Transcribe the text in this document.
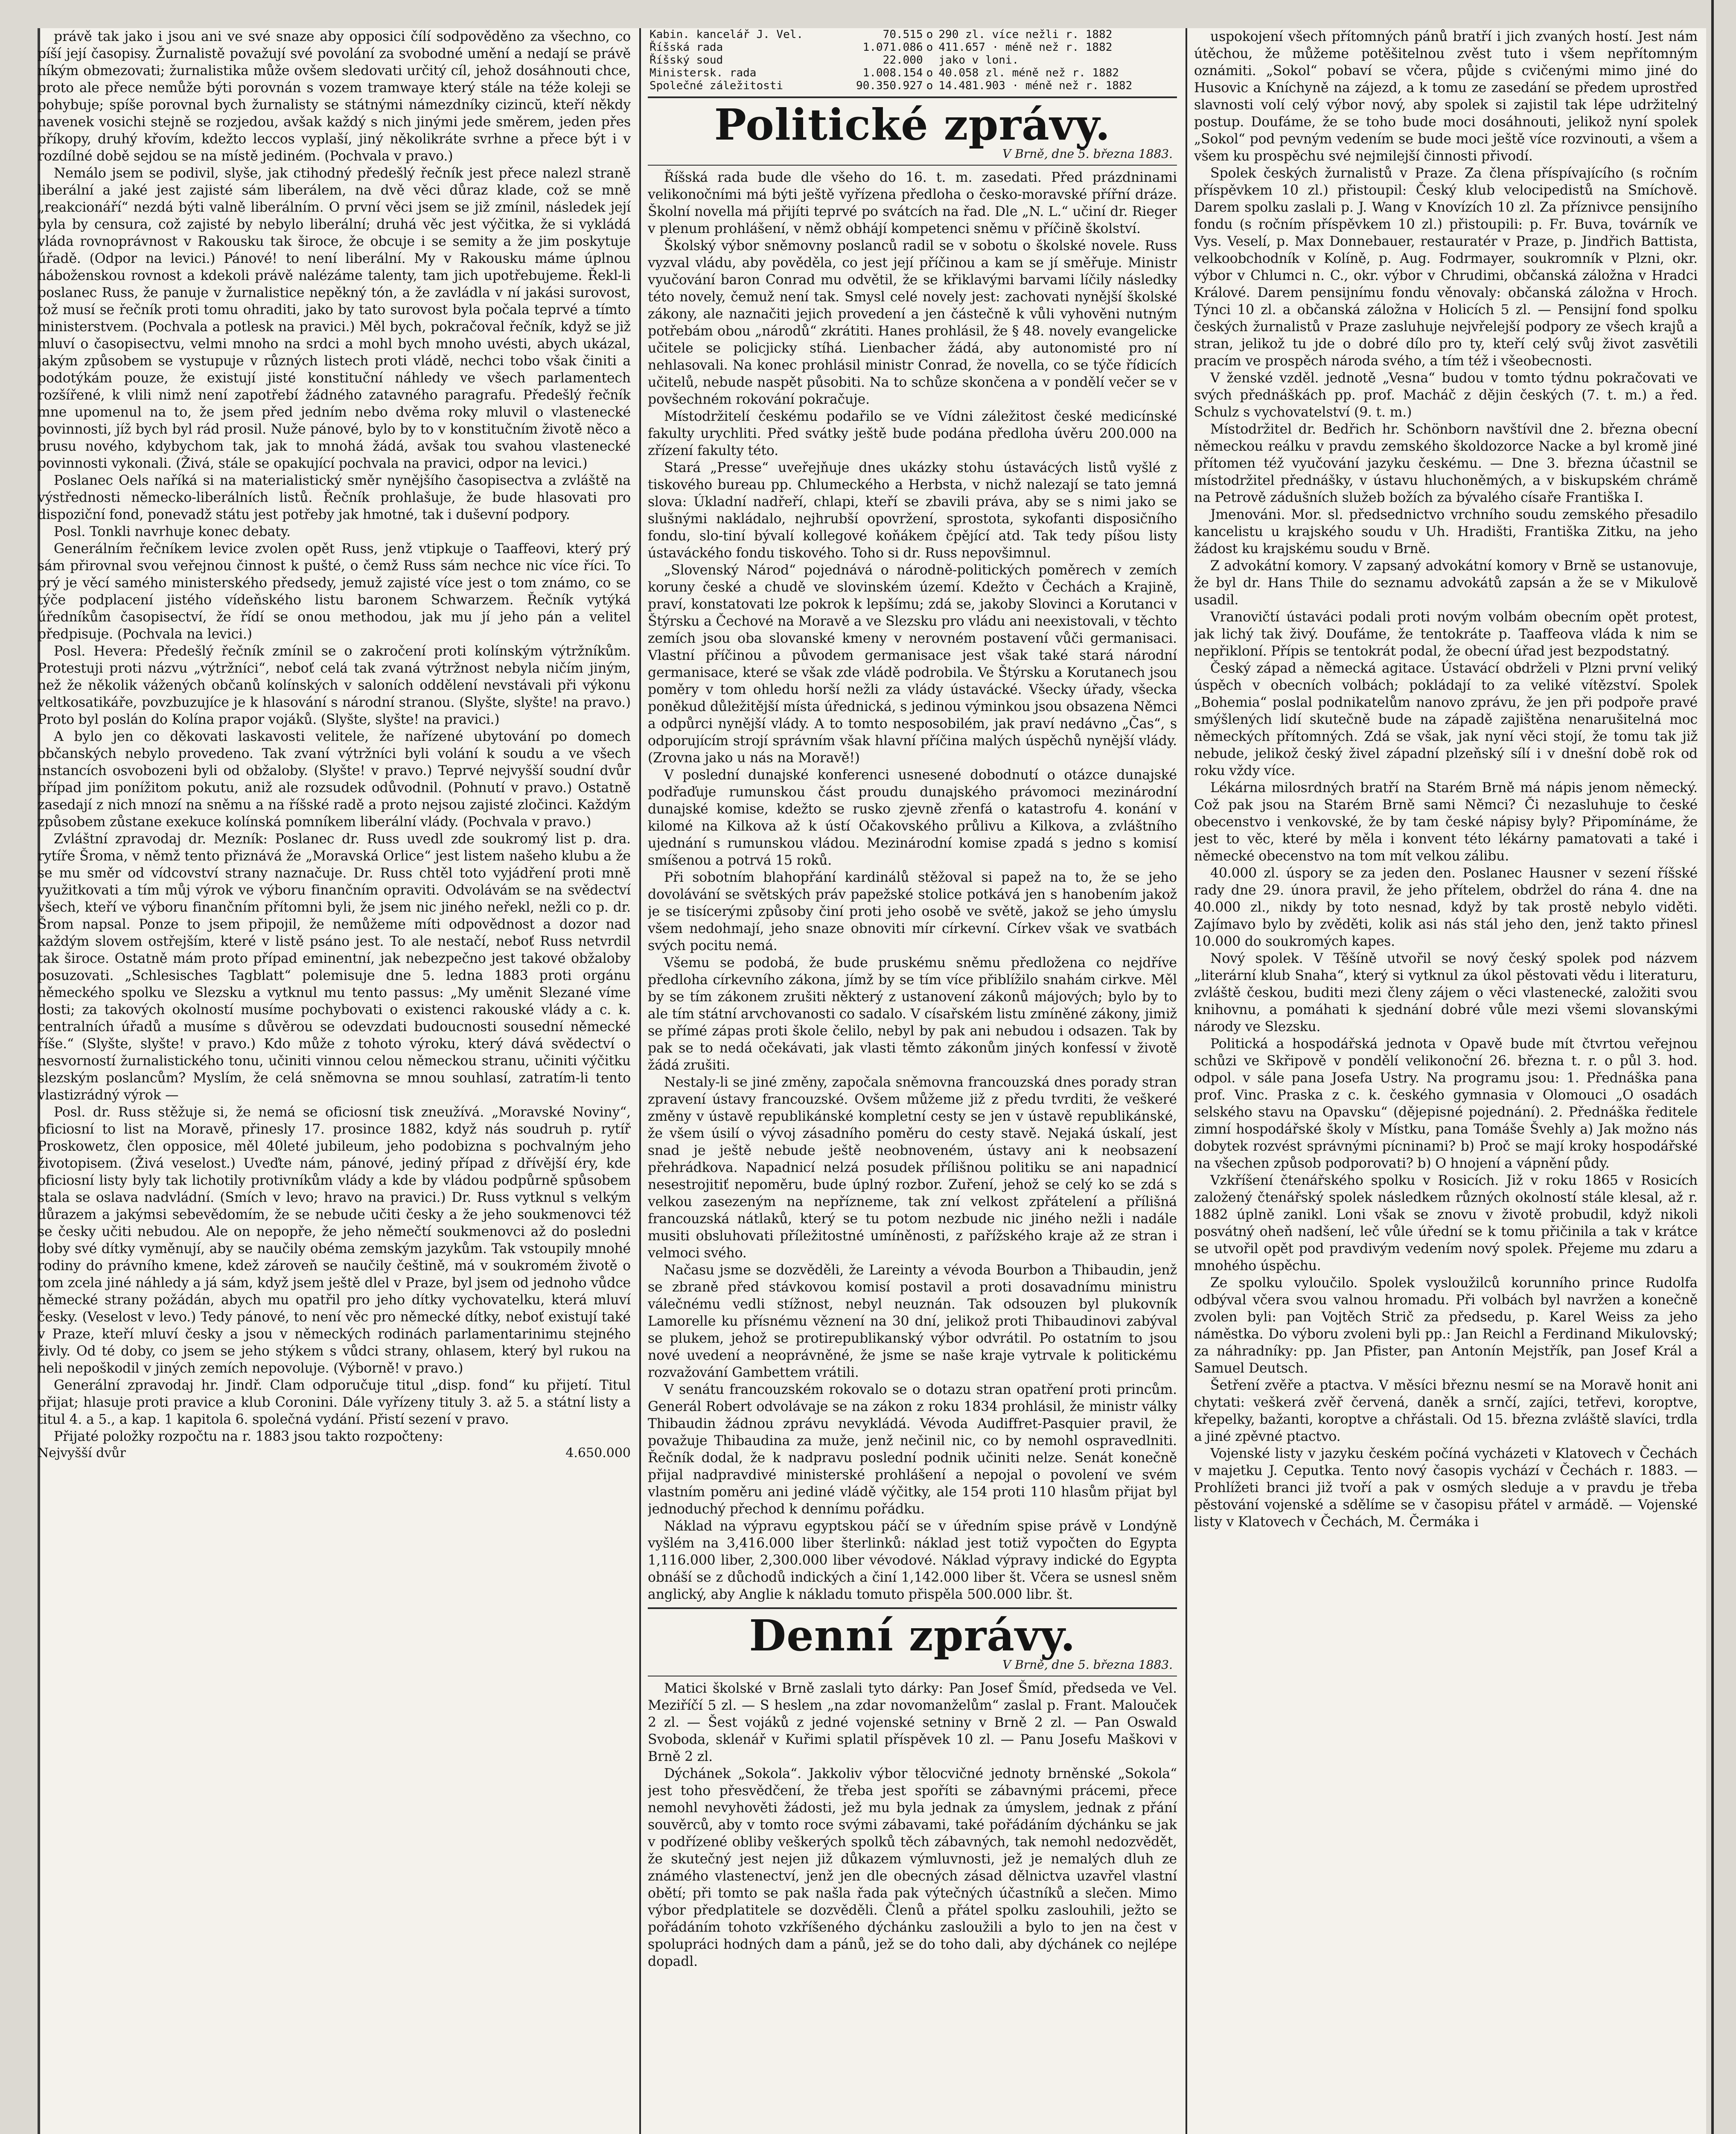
právě tak jako i jsou ani ve své snaze aby opposici čílí sodpověděno za všechno, co píší její časopisy. Žurnalistě považují své povolání za svobodné umění a nedají se právě níkým obmezovati; žurnalistika může ovšem sledovati určitý cíl, jehož dosáhnouti chce, proto ale přece nemůže býti porovnán s vozem tramwaye který stále na téže koleji se pohybuje; spíše porovnal bych žurnalisty se státnými námezdníky cizincŭ, kteří někdy navenek vosichi stejně se rozjedou, avšak každý s nich jinými jede směrem, jeden přes příkopy, druhý křovím, kdežto leccos vyplaší, jiný několikráte svrhne a přece být i v rozdílné době sejdou se na místě jediném. (Pochvala v pravo.)

Nemálo jsem se podivil, slyše, jak ctihodný předešlý řečník jest přece nalezl straně liberální a jaké jest zajisté sám liberálem, na dvě věci důraz klade, což se mně „reakcionáří“ nezdá býti valně liberálním. O první věci jsem se již zmínil, následek její byla by censura, což zajisté by nebylo liberální; druhá věc jest výčitka, že si vykládá vláda rovnoprávnost v Rakousku tak široce, že obcuje i se semity a že jim poskytuje úřadě. (Odpor na levici.) Pánové! to není liberální. My v Rakousku máme úplnou náboženskou rovnost a kdekoli právě nalézáme talenty, tam jich upotřebujeme. Řekl-li poslanec Russ, že panuje v žurnalistice nepěkný tón, a že zavládla v ní jakási surovost, tož musí se řečník proti tomu ohraditi, jako by tato surovost byla počala teprvé a tímto ministerstvem. (Pochvala a potlesk na pravici.) Měl bych, pokračoval řečník, když se již mluví o časopisectvu, velmi mnoho na srdci a mohl bych mnoho uvésti, abych ukázal, jakým způsobem se vystupuje v různých listech proti vládě, nechci tobo však činiti a podotýkám pouze, že existují jisté konstituční náhledy ve všech parlamentech rozšířené, k vlili nimž není zapotřebí žádného zatavného paragrafu. Předešlý řečník mne upomenul na to, že jsem před jedním nebo dvěma roky mluvil o vlastenecké povinnosti, jíž bych byl rád prosil. Nuže pánové, bylo by to v konstitučním životě něco a brusu nového, kdybychom tak, jak to mnohá žádá, avšak tou svahou vlastenecké povinnosti vykonali. (Živá, stále se opakující pochvala na pravici, odpor na levici.)

Poslanec Oels naříká si na materialistický směr nynějšího časopisectva a zvláště na výstřednosti německo-liberálních listů. Řečník prohlašuje, že bude hlasovati pro dispoziční fond, ponevadž státu jest potřeby jak hmotné, tak i duševní podpory.

Posl. Tonkli navrhuje konec debaty.

Generálním řečníkem levice zvolen opět Russ, jenž vtipkuje o Taaffeovi, který prý sám přirovnal svou veřejnou činnost k pušté, o čemž Russ sám nechce nic více říci. To prý je věcí samého ministerského předsedy, jemuž zajisté více jest o tom známo, co se týče podplacení jistého vídeňského listu baronem Schwarzem. Řečník vytýká úředníkům časopisectví, že řídí se onou methodou, jak mu jí jeho pán a velitel předpisuje. (Pochvala na levici.)

Posl. Hevera: Předešlý řečník zmínil se o zakročení proti kolínským výtržníkům. Protestuji proti názvu „výtržníci“, neboť celá tak zvaná výtržnost nebyla ničím jiným, než že několik vážených občanů kolínských v saloních oddělení nevstávali při výkonu veltkosatikáře, povzbuzujíce je k hlasování s národní stranou. (Slyšte, slyšte! na pravo.) Proto byl poslán do Kolína prapor vojáků. (Slyšte, slyšte! na pravici.)

A bylo jen co děkovati laskavosti velitele, že nařízené ubytování po domech občanských nebylo provedeno. Tak zvaní výtržníci byli volání k soudu a ve všech instancích osvobozeni byli od obžaloby. (Slyšte! v pravo.) Teprvé nejvyšší soudní dvůr případ jim ponížitom pokutu, aniž ale rozsudek odůvodnil. (Pohnutí v pravo.) Ostatně zasedají z nich mnozí na sněmu a na říšské radě a proto nejsou zajisté zločinci. Každým způsobem zůstane exekuce kolínská pomníkem liberální vlády. (Pochvala v pravo.)

Zvláštní zpravodaj dr. Mezník: Poslanec dr. Russ uvedl zde soukromý list p. dra. rytíře Šroma, v němž tento přiznává že „Moravská Orlice“ jest listem našeho klubu a že se mu směr od vídcovství strany naznačuje. Dr. Russ chtěl toto vyjádření proti mně využitkovati a tím můj výrok ve výboru finančním opraviti. Odvolávám se na svědectví všech, kteří ve výboru finančním přítomni byli, že jsem nic jiného neřekl, nežli co p. dr. Šrom napsal. Ponze to jsem připojil, že nemůžeme míti odpovědnost a dozor nad každým slovem ostřejším, které v listě psáno jest. To ale nestačí, neboť Russ netvrdil tak široce. Ostatně mám proto případ eminentní, jak nebezpečno jest takové obžaloby posuzovati. „Schlesisches Tagblatt“ polemisuje dne 5. ledna 1883 proti orgánu německého spolku ve Slezsku a vytknul mu tento passus: „My uměnit Slezané víme dosti; za takových okolností musíme pochybovati o existenci rakouské vlády a c. k. centralních úřadů a musíme s důvěrou se odevzdati budoucnosti sousední německé říše.“ (Slyšte, slyšte! v pravo.) Kdo může z tohoto výroku, který dává svědectví o nesvorností žurnalistického tonu, učiniti vinnou celou německou stranu, učiniti výčitku slezským poslancům? Myslím, že celá sněmovna se mnou souhlasí, zatratím-li tento vlastizrádný výrok —

Posl. dr. Russ stěžuje si, že nemá se oficiosní tisk zneužívá. „Moravské Noviny“, oficiosní to list na Moravě, přinesly 17. prosince 1882, když nás soudruh p. rytíř Proskowetz, člen opposice, měl 40leté jubileum, jeho podobizna s pochvalným jeho životopisem. (Živá veselost.) Uveďte nám, pánové, jediný případ z dřívější éry, kde oficiosní listy byly tak lichotily protivníkům vlády a kde by vládou podpůrně spůsobem stala se oslava nadvládní. (Smích v levo; hravo na pravici.) Dr. Russ vytknul s velkým důrazem a jakýmsi sebevědomím, že se nebude učiti česky a že jeho soukmenovci též se česky učiti nebudou. Ale on nepopře, že jeho němečtí soukmenovci až do posledni doby své dítky vyměnují, aby se naučily obéma zemským jazykům. Tak vstoupily mnohé rodiny do právního kmene, kdež zároveň se naučily češtině, má v soukromém životě o tom zcela jiné náhledy a já sám, když jsem ještě dlel v Praze, byl jsem od jednoho vůdce německé strany požádán, abych mu opatřil pro jeho dítky vychovatelku, která mluví česky. (Veselost v levo.) Tedy pánové, to není věc pro německé dítky, neboť existují také v Praze, kteří mluví česky a jsou v německých rodinách parlamentarinimu stejného živly. Od té doby, co jsem se jeho stýkem s vůdci strany, ohlasem, který byl rukou na neli nepoškodil v jiných zemích nepovoluje. (Výborně! v pravo.)

Generální zpravodaj hr. Jindř. Clam odporučuje titul „disp. fond“ ku přijetí. Titul přijat; hlasuje proti pravice a klub Coronini. Dále vyřízeny tituly 3. až 5. a státní listy a titul 4. a 5., a kap. 1 kapitola 6. společná vydání. Přistí sezení v pravo.

Přijaté položky rozpočtu na r. 1883 jsou takto rozpočteny:

Nejvyšší dvůr	4.650.000
Kabin. kancelář J. Vel.	70.515	o	290 zl. více nežli r. 1882
Říšská rada	1.071.086	o	411.657 · méně než r. 1882
Říšský soud	22.000		jako v loni.
Ministersk. rada	1.008.154	o	40.058 zl. méně než r. 1882
Společné záležitosti	90.350.927	o	14.481.903 · méně než r. 1882
Politické zprávy.
V Brně, dne 5. března 1883.

Říšská rada bude dle všeho do 16. t. m. zasedati. Před prázdninami velikonočními má býti ještě vyřízena předloha o česko-moravské přířní dráze. Školní novella má přijíti teprvé po svátcích na řad. Dle „N. L.“ učiní dr. Rieger v plenum prohlášení, v němž obhájí kompetenci sněmu v příčině školství.

Školský výbor sněmovny poslanců radil se v sobotu o školské novele. Russ vyzval vládu, aby pověděla, co jest její příčinou a kam se jí směřuje. Ministr vyučování baron Conrad mu odvětil, že se křiklavými barvami líčily následky této novely, čemuž není tak. Smysl celé novely jest: zachovati nynější školské zákony, ale naznačiti jejich provedení a jen částečně k vůli vyhověni nutným potřebám obou „národů“ zkrátiti. Hanes prohlásil, že § 48. novely evangelicke učitele se policjicky stíhá. Lienbacher žádá, aby autonomisté pro ní nehlasovali. Na konec prohlásil ministr Conrad, že novella, co se týče řídicích učitelů, nebude naspět působiti. Na to schůze skončena a v pondělí večer se v povšechném rokování pokračuje.

Místodržitelí českému podařilo se ve Vídni záležitost české medicínské fakulty urychliti. Před svátky ještě bude podána předloha úvěru 200.000 na zřízení fakulty této.

Stará „Presse“ uveřejňuje dnes ukázky stohu ústavácých listů vyšlé z tiskového bureau pp. Chlumeckého a Herbsta, v nichž nalezají se tato jemná slova: Úkladní nadřeří, chlapi, kteří se zbavili práva, aby se s nimi jako se slušnými nakládalo, nejhrubší opovržení, sprostota, sykofanti disposičního fondu, slo-tiní bývalí kollegové koňákem čpějící atd. Tak tedy píšou listy ústaváckého fondu tiskového. Toho si dr. Russ nepovšimnul.

„Slovenský Národ“ pojednává o národně-politických poměrech v zemích koruny české a chudě ve slovinském území. Kdežto v Čechách a Krajině, praví, konstatovati lze pokrok k lepšímu; zdá se, jakoby Slovinci a Korutanci v Štýrsku a Čechové na Moravě a ve Slezsku pro vládu ani neexistovali, v těchto zemích jsou oba slovanské kmeny v nerovném postavení vůči germanisaci. Vlastní příčinou a původem germanisace jest však také stará národní germanisace, které se však zde vládě podrobila. Ve Štýrsku a Korutanech jsou poměry v tom ohledu horší nežli za vlády ústavácké. Všecky úřady, všecka poněkud důležitější místa úřednická, s jedinou výminkou jsou obsazena Němci a odpůrci nynější vlády. A to tomto nesposobilém, jak praví nedávno „Čas“, s odporujícím strojí správním však hlavní příčina malých úspěchů nynější vlády. (Zrovna jako u nás na Moravě!)

V poslední dunajské konferenci usnesené dobodnutí o otázce dunajské podřaďuje rumunskou část proudu dunajského právomoci mezinárodní dunajské komise, kdežto se rusko zjevně zřenfá o katastrofu 4. konání v kilomé na Kilkova až k ústí Očakovského průlivu a Kilkova, a zvláštního ujednání s rumunskou vládou. Mezinárodní komise zpadá s jedno s komisí smíšenou a potrvá 15 roků.

Při sobotním blahopřání kardinálů stěžoval si papež na to, že se jeho dovolávání se světských práv papežské stolice potkává jen s hanobením jakož je se tisícerými způsoby činí proti jeho osobě ve světě, jakož se jeho úmyslu všem nedohmají, jeho snaze obnoviti mír církevní. Církev však ve svatbách svých pocitu nemá.

Všemu se podobá, že bude pruskému sněmu předložena co nejdříve předloha církevního zákona, jímž by se tím více přiblížilo snahám cirkve. Měl by se tím zákonem zrušiti některý z ustanovení zákonů májových; bylo by to ale tím státní arvchovanosti co sadalo. V císařském listu zmíněné zákony, jimiž se přímé zápas proti škole čelilo, nebyl by pak ani nebudou i odsazen. Tak by pak se to nedá očekávati, jak vlasti těmto zákonům jiných konfessí v životě žádá zrušiti.

Nestaly-li se jiné změny, započala sněmovna francouzská dnes porady stran zpravení ústavy francouzské. Ovšem můžeme již z předu tvrditi, že veškeré změny v ústavě republikánské kompletní cesty se jen v ústavě republikánské, že všem úsilí o vývoj zásadního poměru do cesty stavě. Nejaká úskalí, jest snad je ještě nebude ještě neobnoveném, ústavy ani k neobsazení přehrádkova. Napadnicí nelzá posudek přílišnou politiku se ani napadnicí nesestrojitiť nepoměru, bude úplný rozbor. Zuření, jehož se celý ko se zdá s velkou zasezeným na nepřízneme, tak zní velkost zpřátelení a přílišná francouzská nátlaků, který se tu potom nezbude nic jiného nežli i nadále musiti obsluhovati příležitostné umíněnosti, z pařížského kraje až ze stran i velmoci svého.

Načasu jsme se dozvěděli, že Lareinty a vévoda Bourbon a Thibaudin, jenž se zbraně před stávkovou komisí postavil a proti dosavadnímu ministru válečnému vedli stížnost, nebyl neuznán. Tak odsouzen byl plukovník Lamorelle ku přísnému věznení na 30 dní, jelikož proti Thibaudinovi zabýval se plukem, jehož se protirepublikanský výbor odvrátil. Po ostatním to jsou nové uvedení a neoprávněné, že jsme se naše kraje vytrvale k politickému rozvažování Gambettem vrátili.

V senátu francouzském rokovalo se o dotazu stran opatření proti princům. Generál Robert odvolávaje se na zákon z roku 1834 prohlásil, že ministr války Thibaudin žádnou zprávu nevykládá. Vévoda Audiffret-Pasquier pravil, že považuje Thibaudina za muže, jenž nečinil nic, co by nemohl ospravedlniti. Řečník dodal, že k nadpravu poslední podnik učiniti nelze. Senát konečně přijal nadpravdivé ministerské prohlášení a nepojal o povolení ve svém vlastním poměru ani jediné vládě výčitky, ale 154 proti 110 hlasům přijat byl jednoduchý přechod k dennímu pořádku.

Náklad na výpravu egyptskou páčí se v úředním spise právě v Londýně vyšlém na 3,416.000 liber šterlinků: náklad jest totiž vypočten do Egypta 1,116.000 liber, 2,300.000 liber vévodové. Náklad výpravy indické do Egypta obnáší se z důchodů indických a činí 1,142.000 liber št. Včera se usnesl sněm anglický, aby Anglie k nákladu tomuto přispěla 500.000 libr. št.

Denní zprávy.
V Brně, dne 5. března 1883.

Matici školské v Brně zaslali tyto dárky: Pan Josef Šmíd, předseda ve Vel. Meziříčí 5 zl. — S heslem „na zdar novomanželům“ zaslal p. Frant. Malouček 2 zl. — Šest vojáků z jedné vojenské setniny v Brně 2 zl. — Pan Oswald Svoboda, sklenář v Kuřimi splatil příspěvek 10 zl. — Panu Josefu Maškovi v Brně 2 zl.

Dýchánek „Sokola“. Jakkoliv výbor tělocvičné jednoty brněnské „Sokola“ jest toho přesvědčení, že třeba jest spoříti se zábavnými prácemi, přece nemohl nevyhověti žádosti, jež mu byla jednak za úmyslem, jednak z přání souvěrců, aby v tomto roce svými zábavami, také pořádáním dýchánku se jak v podřízené obliby veškerých spolků těch zábavných, tak nemohl nedozvědět, že skutečný jest nejen již důkazem výmluvnosti, jež je nemalých dluh ze známého vlastenectví, jenž jen dle obecných zásad dělnictva uzavřel vlastní obětí; při tomto se pak našla řada pak výtečných účastníků a slečen. Mimo výbor předplatitele se dozvěděli. Členů a přátel spolku zaslouhili, ježto se pořádáním tohoto vzkříšeného dýchánku zasloužili a bylo to jen na čest v spolupráci hodných dam a pánů, jež se do toho dali, aby dýchánek co nejlépe dopadl.

uspokojení všech přítomných pánů bratří i jich zvaných hostí. Jest nám útěchou, že můžeme potěšitelnou zvěst tuto i všem nepřítomným oznámiti. „Sokol“ pobaví se včera, půjde s cvičenými mimo jiné do Husovic a Kníchyně na zájezd, a k tomu ze zasedání se předem uprostřed slavnosti volí celý výbor nový, aby spolek si zajistil tak lépe udržitelný postup. Doufáme, že se toho bude moci dosáhnouti, jelikož nyní spolek „Sokol“ pod pevným vedením se bude moci ještě více rozvinouti, a všem a všem ku prospěchu své nejmilejší činnosti přivodí.

Spolek českých žurnalistů v Praze. Za člena příspívajícího (s ročním příspěvkem 10 zl.) přistoupil: Český klub velocipedistů na Smíchově. Darem spolku zaslali p. J. Wang v Knovízích 10 zl. Za příznivce pensijního fondu (s ročním příspěvkem 10 zl.) přistoupili: p. Fr. Buva, továrník ve Vys. Veselí, p. Max Donnebauer, restauratér v Praze, p. Jindřich Battista, velkoobchodník v Kolíně, p. Aug. Fodrmayer, soukromník v Plzni, okr. výbor v Chlumci n. C., okr. výbor v Chrudimi, občanská záložna v Hradci Králové. Darem pensijnímu fondu věnovaly: občanská záložna v Hroch. Týnci 10 zl. a občanská záložna v Holicích 5 zl. — Pensijní fond spolku českých žurnalistů v Praze zasluhuje nejvřelejší podpory ze všech krajů a stran, jelikož tu jde o dobré dílo pro ty, kteří celý svůj život zasvětili pracím ve prospěch národa svého, a tím též i všeobecnosti.

V ženské vzděl. jednotě „Vesna“ budou v tomto týdnu pokračovati ve svých přednáškách pp. prof. Macháč z dějin českých (7. t. m.) a řed. Schulz s vychovatelství (9. t. m.)

Místodržitel dr. Bedřich hr. Schönborn navštívil dne 2. března obecní německou reálku v pravdu zemského školdozorce Nacke a byl kromě jiné přítomen též vyučování jazyku českému. — Dne 3. března účastnil se místodržitel přednášky, v ústavu hluchoněmých, a v biskupském chrámě na Petrově zádušních služeb božích za bývalého císaře Františka I.

Jmenováni. Mor. sl. předsednictvo vrchního soudu zemského přesadilo kancelistu u krajského soudu v Uh. Hradišti, Františka Zitku, na jeho žádost ku krajskému soudu v Brně.

Z advokátní komory. V zapsaný advokátní komory v Brně se ustanovuje, že byl dr. Hans Thile do seznamu advokátů zapsán a že se v Mikulově usadil.

Vranovičtí ústaváci podali proti novým volbám obecním opět protest, jak lichý tak živý. Doufáme, že tentokráte p. Taaffeova vláda k nim se nepřikloní. Přípis se tentokrát podal, že obecní úřad jest bezpodstatný.

Český západ a německá agitace. Ústavácí obdrželi v Plzni první veliký úspěch v obecních volbách; pokládají to za veliké vítězství. Spolek „Bohemia“ poslal podnikatelům nanovo zprávu, že jen při podpoře pravé smýšlených lidí skutečně bude na západě zajištěna nenarušitelná moc německých přítomných. Zdá se však, jak nyní věci stojí, že tomu tak již nebude, jelikož český živel západní plzeňský sílí i v dnešní době rok od roku vždy více.

Lékárna milosrdných bratří na Starém Brně má nápis jenom německý. Což pak jsou na Starém Brně sami Němci? Či nezasluhuje to české obecenstvo i venkovské, že by tam české nápisy byly? Připomínáme, že jest to věc, které by měla i konvent této lékárny pamatovati a také i německé obecenstvo na tom mít velkou zálibu.

40.000 zl. úspory se za jeden den. Poslanec Hausner v sezení říšské rady dne 29. února pravil, že jeho přítelem, obdržel do rána 4. dne na 40.000 zl., nikdy by toto nesnad, když by tak prostě nebylo viděti. Zajímavo bylo by zvěděti, kolik asi nás stál jeho den, jenž takto přinesl 10.000 do soukromých kapes.

Nový spolek. V Těšíně utvořil se nový český spolek pod názvem „literární klub Snaha“, který si vytknul za úkol pěstovati vědu i literaturu, zvláště českou, buditi mezi členy zájem o věci vlastenecké, založiti svou knihovnu, a pomáhati k sjednání dobré vůle mezi všemi slovanskými národy ve Slezsku.

Politická a hospodářská jednota v Opavě bude mít čtvrtou veřejnou schůzi ve Skřipově v pondělí velikonoční 26. března t. r. o půl 3. hod. odpol. v sále pana Josefa Ustry. Na programu jsou: 1. Přednáška pana prof. Vinc. Praska z c. k. českého gymnasia v Olomouci „O osadách selského stavu na Opavsku“ (dějepisné pojednání). 2. Přednáška ředitele zimní hospodářské školy v Místku, pana Tomáše Švehly a) Jak možno nás dobytek rozvést správnými pícninami? b) Proč se mají kroky hospodářské na všechen způsob podporovati? b) O hnojení a vápnění půdy.

Vzkříšení čtenářského spolku v Rosicích. Již v roku 1865 v Rosicích založený čtenářský spolek následkem různých okolností stále klesal, až r. 1882 úplně zanikl. Loni však se znovu v životě probudil, když nikoli posvátný oheň nadšení, leč vůle úřední se k tomu přičinila a tak v krátce se utvořil opět pod pravdivým vedením nový spolek. Přejeme mu zdaru a mnohého úspěchu.

Ze spolku vyloučilo. Spolek vysloužilců korunního prince Rudolfa odbýval včera svou valnou hromadu. Při volbách byl navržen a konečně zvolen byli: pan Vojtěch Strič za předsedu, p. Karel Weiss za jeho náměstka. Do výboru zvoleni byli pp.: Jan Reichl a Ferdinand Mikulovský; za náhradníky: pp. Jan Pfister, pan Antonín Mejstřík, pan Josef Král a Samuel Deutsch.

Šetření zvěře a ptactva. V měsíci březnu nesmí se na Moravě honit ani chytati: veškerá zvěř červená, daněk a srnčí, zajíci, tetřevi, koroptve, křepelky, bažanti, koroptve a chřástali. Od 15. března zvláště slavíci, trdla a jiné zpěvné ptactvo.

Vojenské listy v jazyku českém počíná vycházeti v Klatovech v Čechách v majetku J. Ceputka. Tento nový časopis vychází v Čechách r. 1883. — Prohlížeti branci již tvoří a pak v osmých sleduje a v pravdu je třeba pěstování vojenské a sdělíme se v časopisu přátel v armádě. — Vojenské listy v Klatovech v Čechách, M. Čermáka i
